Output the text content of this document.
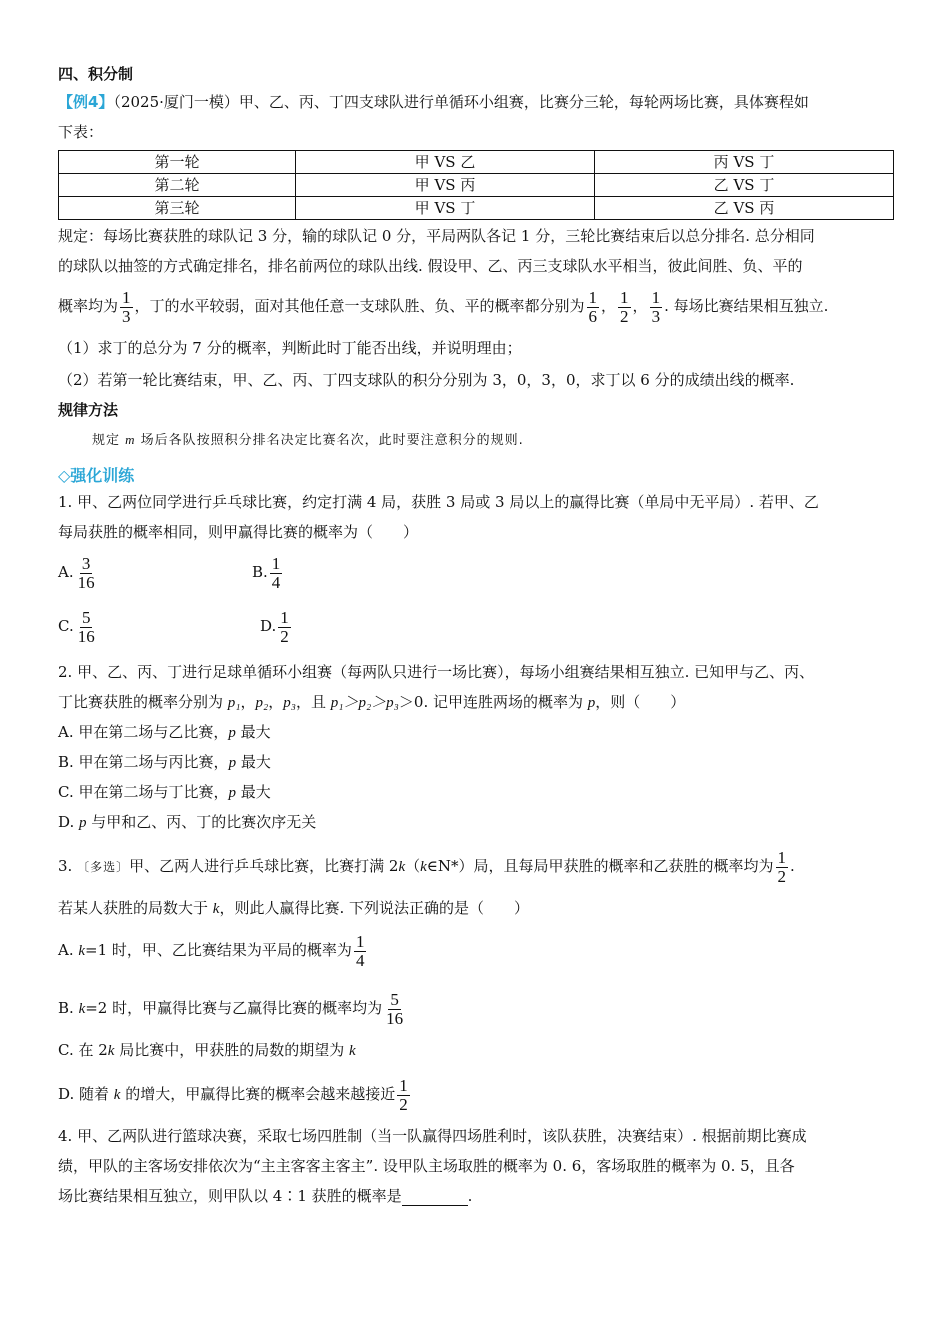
四、积分制
【例4】（2025·厦门一模）甲、乙、丙、丁四支球队进行单循环小组赛，比赛分三轮，每轮两场比赛，具体赛程如
下表：
第一轮	甲 VS 乙	丙 VS 丁
第二轮	甲 VS 丙	乙 VS 丁
第三轮	甲 VS 丁	乙 VS 丙
规定：每场比赛获胜的球队记 3 分，输的球队记 0 分，平局两队各记 1 分，三轮比赛结束后以总分排名. 总分相同
的球队以抽签的方式确定排名，排名前两位的球队出线. 假设甲、乙、丙三支球队水平相当，彼此间胜、负、平的
概率均为 $\frac{1}{3}$ ，丁的水平较弱，面对其他任意一支球队胜、负、平的概率都分别为 $\frac{1}{6}$ ， $\frac{1}{2}$ ， $\frac{1}{3}$ . 每场比赛结果相互独立.
（1）求丁的总分为 7 分的概率，判断此时丁能否出线，并说明理由；
（2）若第一轮比赛结束，甲、乙、丙、丁四支球队的积分分别为 3，0，3，0，求丁以 6 分的成绩出线的概率.
规律方法
规定 m 场后各队按照积分排名决定比赛名次，此时要注意积分的规则.
◇强化训练
1. 甲、乙两位同学进行乒乓球比赛，约定打满 4 局，获胜 3 局或 3 局以上的赢得比赛（单局中无平局）. 若甲、乙
每局获胜的概率相同，则甲赢得比赛的概率为（　　）
A. $\frac{3}{16}$	B. $\frac{1}{4}$
C. $\frac{5}{16}$	D. $\frac{1}{2}$
2. 甲、乙、丙、丁进行足球单循环小组赛（每两队只进行一场比赛），每场小组赛结果相互独立. 已知甲与乙、丙、
丁比赛获胜的概率分别为 p₁，p₂，p₃，且 p₁＞p₂＞p₃＞0. 记甲连胜两场的概率为 p，则（　　）
A. 甲在第二场与乙比赛，p 最大
B. 甲在第二场与丙比赛，p 最大
C. 甲在第二场与丁比赛，p 最大
D. p 与甲和乙、丙、丁的比赛次序无关
3. 〔多选〕甲、乙两人进行乒乓球比赛，比赛打满 2k（k∈N*）局，且每局甲获胜的概率和乙获胜的概率均为 $\frac{1}{2}$ .
若某人获胜的局数大于 k，则此人赢得比赛. 下列说法正确的是（　　）
A. k=1 时，甲、乙比赛结果为平局的概率为 $\frac{1}{4}$
B. k=2 时，甲赢得比赛与乙赢得比赛的概率均为 $\frac{5}{16}$
C. 在 2k 局比赛中，甲获胜的局数的期望为 k
D. 随着 k 的增大，甲赢得比赛的概率会越来越接近 $\frac{1}{2}$
4. 甲、乙两队进行篮球决赛，采取七场四胜制（当一队赢得四场胜利时，该队获胜，决赛结束）. 根据前期比赛成
绩，甲队的主客场安排依次为“主主客客主客主”. 设甲队主场取胜的概率为 0. 6，客场取胜的概率为 0. 5，且各
场比赛结果相互独立，则甲队以 4∶1 获胜的概率是	.
